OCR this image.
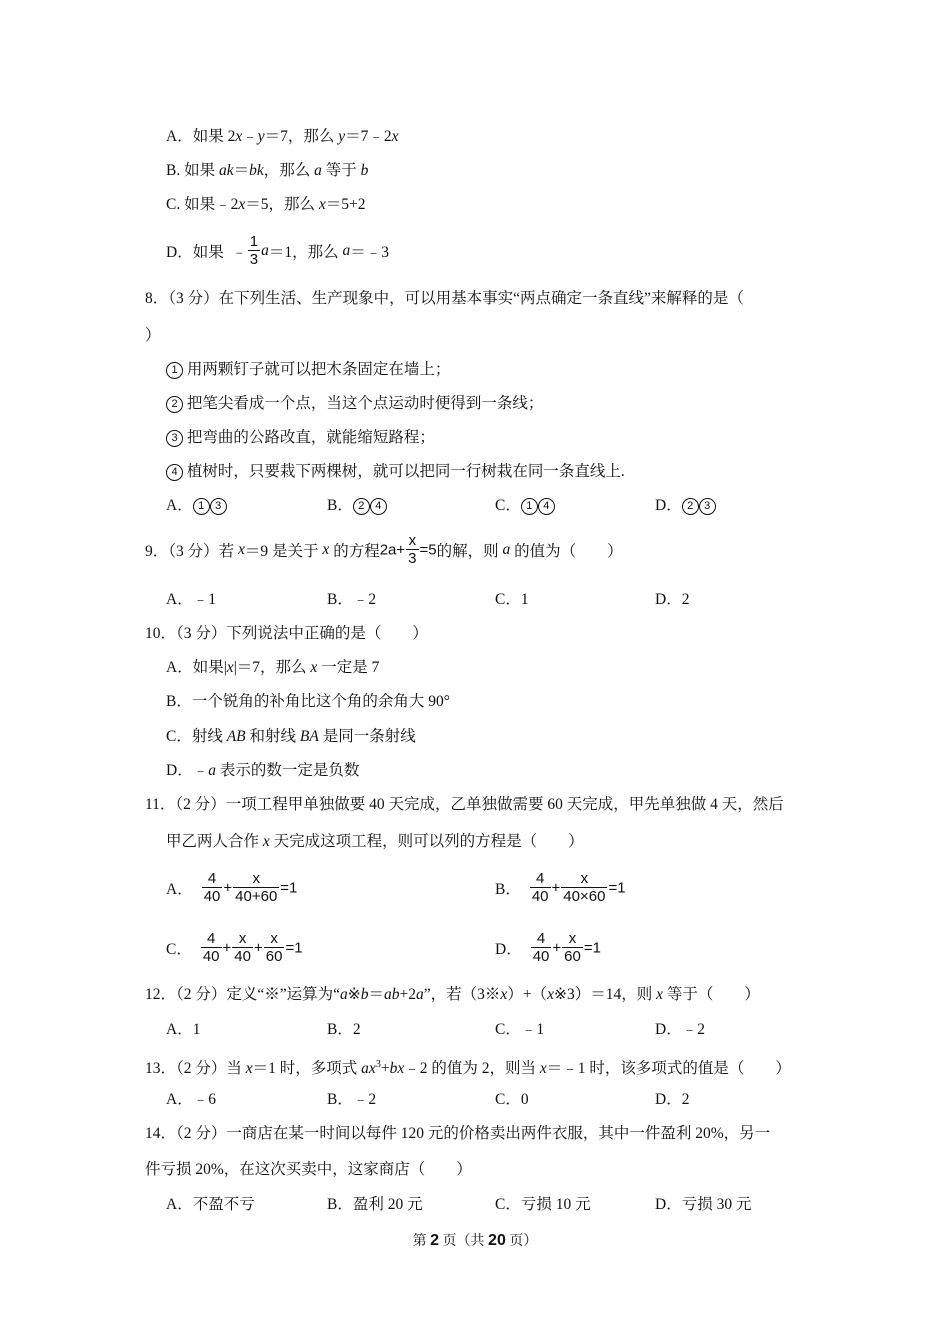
A．如果 2x﹣y＝7，那么 y＝7﹣2x
B. 如果 ak＝bk，那么 a 等于 b
C. 如果﹣2x＝5，那么 x＝5+2
D．如果 ﹣ $\frac{1}{3} a=1$，那么 a＝﹣3
8．（3 分）在下列生活、生产现象中，可以用基本事实“两点确定一条直线”来解释的是（
）
1 用两颗钉子就可以把木条固定在墙上；
2 把笔尖看成一个点，当这个点运动时便得到一条线；
3 把弯曲的公路改直，就能缩短路程；
4 植树时，只要栽下两棵树，就可以把同一行树栽在同一条直线上.
A． 1 3	B． 2 4	C． 1 4	D． 2 3
9．（3 分）若 x＝9 是关于 x 的方程$2a+ \frac{x}{3} =5$的解，则 a 的值为（　　）
A．﹣1	B．﹣2	C．1	D．2
10．（3 分）下列说法中正确的是（　　）
A．如果|x|＝7，那么 x 一定是 7
B．一个锐角的补角比这个角的余角大 90°
C．射线 AB 和射线 BA 是同一条射线
D．﹣a 表示的数一定是负数
11．（2 分）一项工程甲单独做要 40 天完成，乙单独做需要 60 天完成，甲先单独做 4 天，然后
甲乙两人合作 x 天完成这项工程，则可以列的方程是（　　）
A． $\frac{4}{40} + \frac{x}{40+60} =1$	B． $\frac{4}{40} + \frac{x}{40\times 60} =1$
C． $\frac{4}{40} + \frac{x}{40} + \frac{x}{60} =1$	D． $\frac{4}{40} + \frac{x}{60} =1$
12．（2 分）定义“※”运算为“a※b＝ab+2a”，若（3※x）+（x※3）＝14，则 x 等于（　　）
A．1	B．2	C．﹣1	D．﹣2
13．（2 分）当 x＝1 时，多项式 $ax^3+bx﹣2$ 的值为 2，则当 x＝﹣1 时，该多项式的值是（　　）
A．﹣6	B．﹣2	C．0	D．2
14．（2 分）一商店在某一时间以每件 120 元的价格卖出两件衣服，其中一件盈利 20%，另一
件亏损 20%，在这次买卖中，这家商店（　　）
A．不盈不亏	B．盈利 20 元	C．亏损 10 元	D．亏损 30 元
第 2 页（共 20 页）
